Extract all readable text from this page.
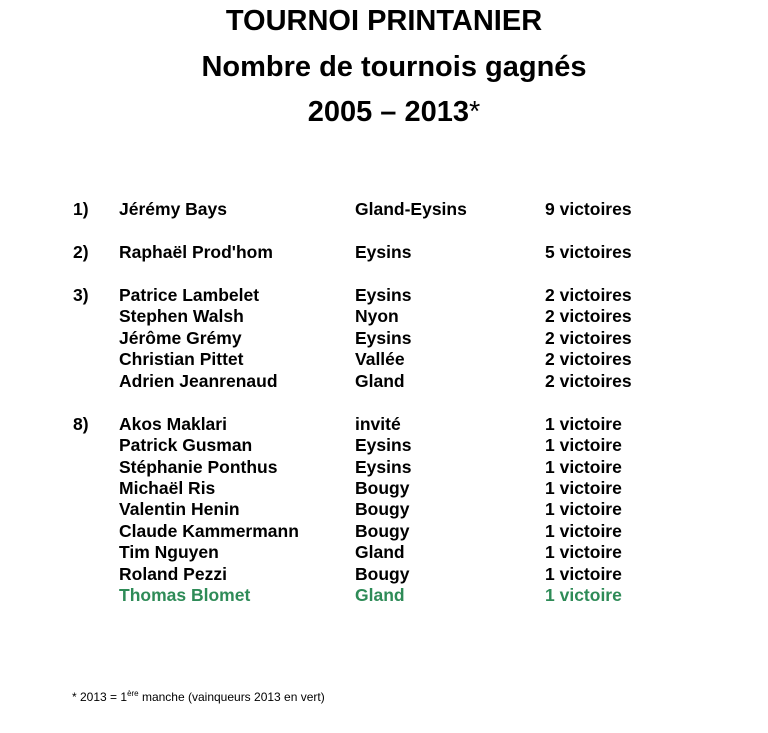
TOURNOI PRINTANIER
Nombre de tournois gagnés
2005 – 2013*
1) Jérémy Bays	Gland-Eysins	9 victoires
2) Raphaël Prod'hom	Eysins	5 victoires
3) Patrice Lambelet	Eysins	2 victoires
Stephen Walsh	Nyon	2 victoires
Jérôme Grémy	Eysins	2 victoires
Christian Pittet	Vallée	2 victoires
Adrien Jeanrenaud	Gland	2 victoires
8) Akos Maklari	invité	1 victoire
Patrick Gusman	Eysins	1 victoire
Stéphanie Ponthus	Eysins	1 victoire
Michaël Ris	Bougy	1 victoire
Valentin Henin	Bougy	1 victoire
Claude Kammermann	Bougy	1 victoire
Tim Nguyen	Gland	1 victoire
Roland Pezzi	Bougy	1 victoire
Thomas Blomet	Gland	1 victoire
* 2013 = 1ère manche (vainqueurs 2013 en vert)
